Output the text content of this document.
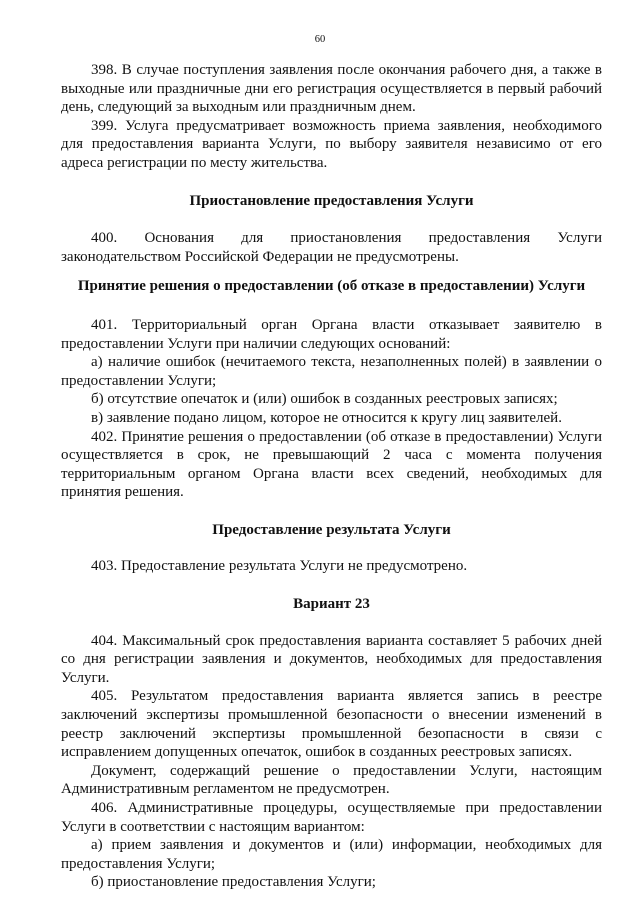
60

398. В случае поступления заявления после окончания рабочего дня, а также в выходные или праздничные дни его регистрация осуществляется в первый рабочий день, следующий за выходным или праздничным днем.

399. Услуга предусматривает возможность приема заявления, необходимого для предоставления варианта Услуги, по выбору заявителя независимо от его адреса регистрации по месту жительства.

Приостановление предоставления Услуги

400. Основания для приостановления предоставления Услуги законодательством Российской Федерации не предусмотрены.

Принятие решения о предоставлении (об отказе в предоставлении) Услуги

401. Территориальный орган Органа власти отказывает заявителю в предоставлении Услуги при наличии следующих оснований:

а) наличие ошибок (нечитаемого текста, незаполненных полей) в заявлении о предоставлении Услуги;

б) отсутствие опечаток и (или) ошибок в созданных реестровых записях;

в) заявление подано лицом, которое не относится к кругу лиц заявителей.

402. Принятие решения о предоставлении (об отказе в предоставлении) Услуги осуществляется в срок, не превышающий 2 часа с момента получения территориальным органом Органа власти всех сведений, необходимых для принятия решения.

Предоставление результата Услуги

403. Предоставление результата Услуги не предусмотрено.

Вариант 23

404. Максимальный срок предоставления варианта составляет 5 рабочих дней со дня регистрации заявления и документов, необходимых для предоставления Услуги.

405. Результатом предоставления варианта является запись в реестре заключений экспертизы промышленной безопасности о внесении изменений в реестр заключений экспертизы промышленной безопасности в связи с исправлением допущенных опечаток, ошибок в созданных реестровых записях.

Документ, содержащий решение о предоставлении Услуги, настоящим Административным регламентом не предусмотрен.

406. Административные процедуры, осуществляемые при предоставлении Услуги в соответствии с настоящим вариантом:

а) прием заявления и документов и (или) информации, необходимых для предоставления Услуги;

б) приостановление предоставления Услуги;
